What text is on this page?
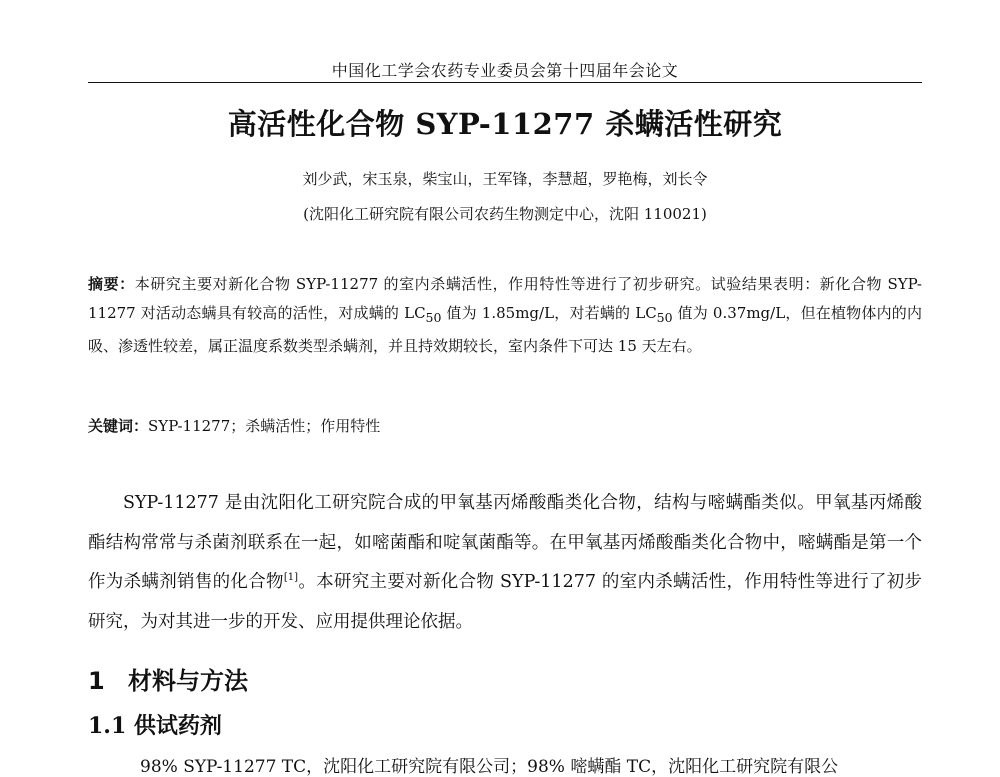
中国化工学会农药专业委员会第十四届年会论文
高活性化合物 SYP-11277 杀螨活性研究
刘少武，宋玉泉，柴宝山，王军锋，李慧超，罗艳梅，刘长令
(沈阳化工研究院有限公司农药生物测定中心，沈阳 110021)
摘要：本研究主要对新化合物 SYP-11277 的室内杀螨活性，作用特性等进行了初步研究。试验结果表明：新化合物 SYP-11277 对活动态螨具有较高的活性，对成螨的 $LC_{50}$ 值为 1.85mg/L，对若螨的 $LC_{50}$ 值为 0.37mg/L，但在植物体内的内吸、渗透性较差，属正温度系数类型杀螨剂，并且持效期较长，室内条件下可达 15 天左右。
关键词：SYP-11277；杀螨活性；作用特性
SYP-11277 是由沈阳化工研究院合成的甲氧基丙烯酸酯类化合物，结构与嘧螨酯类似。甲氧基丙烯酸酯结构常常与杀菌剂联系在一起，如嘧菌酯和啶氧菌酯等。在甲氧基丙烯酸酯类化合物中，嘧螨酯是第一个作为杀螨剂销售的化合物[1]。本研究主要对新化合物 SYP-11277 的室内杀螨活性，作用特性等进行了初步研究，为对其进一步的开发、应用提供理论依据。
1 材料与方法
1.1 供试药剂
98% SYP-11277 TC，沈阳化工研究院有限公司；98% 嘧螨酯 TC，沈阳化工研究院有限公
